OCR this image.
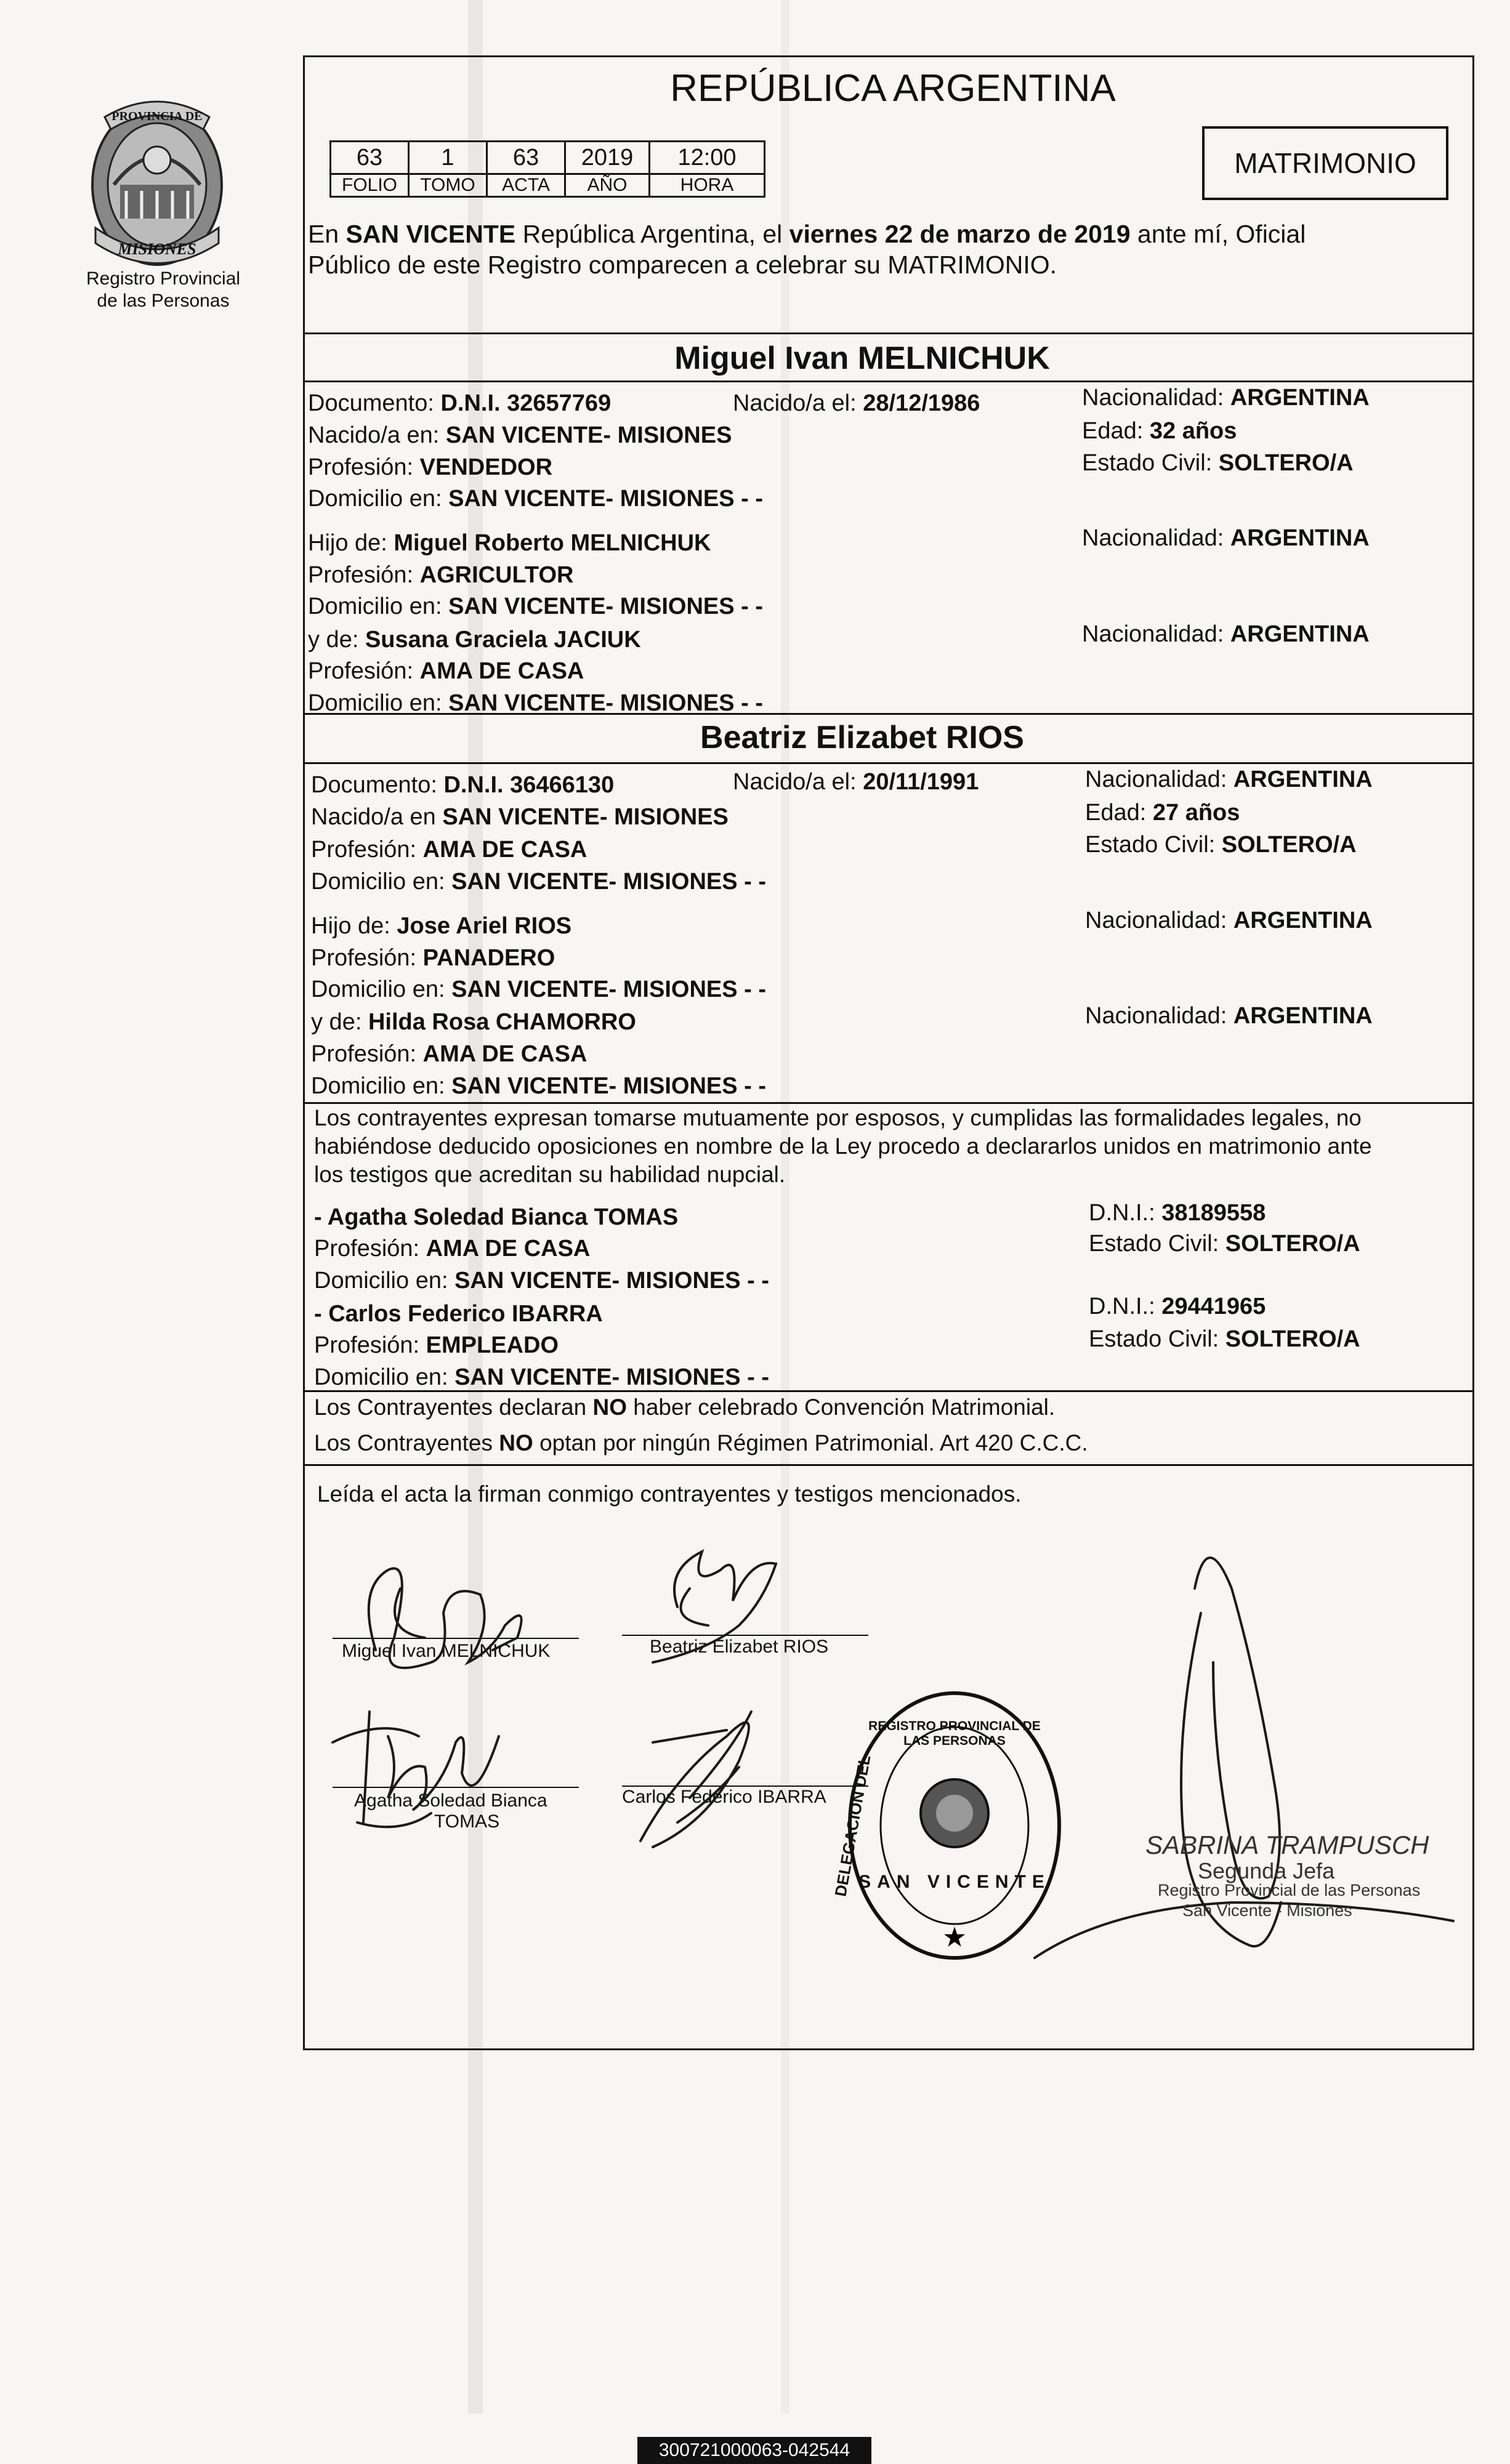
PROVINCIA DE
MISIONES
Registro Provincial
de las Personas
REPÚBLICA ARGENTINA
MATRIMONIO
63	1	63	2019	12:00
FOLIO	TOMO	ACTA	AÑO	HORA
En SAN VICENTE República Argentina, el viernes 22 de marzo de 2019 ante mí, Oficial
Público de este Registro comparecen a celebrar su MATRIMONIO.
Miguel Ivan MELNICHUK
Documento: D.N.I. 32657769	Nacido/a el: 28/12/1986	Nacionalidad: ARGENTINA
Nacido/a en: SAN VICENTE- MISIONES	Edad: 32 años
Profesión: VENDEDOR	Estado Civil: SOLTERO/A
Domicilio en: SAN VICENTE- MISIONES - -
Hijo de: Miguel Roberto MELNICHUK	Nacionalidad: ARGENTINA
Profesión: AGRICULTOR
Domicilio en: SAN VICENTE- MISIONES - -
y de: Susana Graciela JACIUK	Nacionalidad: ARGENTINA
Profesión: AMA DE CASA
Domicilio en: SAN VICENTE- MISIONES - -
Beatriz Elizabet RIOS
Documento: D.N.I. 36466130	Nacido/a el: 20/11/1991	Nacionalidad: ARGENTINA
Nacido/a en SAN VICENTE- MISIONES	Edad: 27 años
Profesión: AMA DE CASA	Estado Civil: SOLTERO/A
Domicilio en: SAN VICENTE- MISIONES - -
Hijo de: Jose Ariel RIOS	Nacionalidad: ARGENTINA
Profesión: PANADERO
Domicilio en: SAN VICENTE- MISIONES - -
y de: Hilda Rosa CHAMORRO	Nacionalidad: ARGENTINA
Profesión: AMA DE CASA
Domicilio en: SAN VICENTE- MISIONES - -
Los contrayentes expresan tomarse mutuamente por esposos, y cumplidas las formalidades legales, no
habiéndose deducido oposiciones en nombre de la Ley procedo a declararlos unidos en matrimonio ante
los testigos que acreditan su habilidad nupcial.
- Agatha Soledad Bianca TOMAS	D.N.I.: 38189558
Profesión: AMA DE CASA	Estado Civil: SOLTERO/A
Domicilio en: SAN VICENTE- MISIONES - -
- Carlos Federico IBARRA	D.N.I.: 29441965
Profesión: EMPLEADO	Estado Civil: SOLTERO/A
Domicilio en: SAN VICENTE- MISIONES - -
Los Contrayentes declaran NO haber celebrado Convención Matrimonial.
Los Contrayentes NO optan por ningún Régimen Patrimonial. Art 420 C.C.C.
Leída el acta la firman conmigo contrayentes y testigos mencionados.
Miguel Ivan MELNICHUK	Beatriz Elizabet RIOS
Agatha Soledad Bianca
TOMAS
Carlos Federico IBARRA
★
REGISTRO PROVINCIAL DE LAS PERSONAS
DELEGACION DEL
SAN VICENTE
SABRINA TRAMPUSCH
Segunda Jefa
Registro Provincial de las Personas
San Vicente - Misiones
300721000063-042544
